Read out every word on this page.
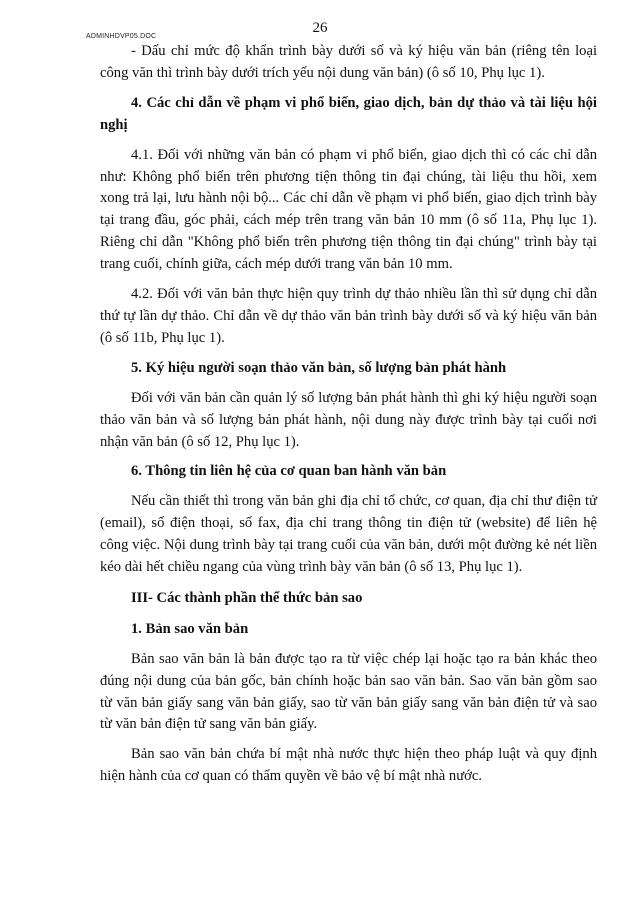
ADMINHDVP05.DOC
26

- Dấu chỉ mức độ khẩn trình bày dưới số và ký hiệu văn bản (riêng tên loại công văn thì trình bày dưới trích yếu nội dung văn bản) (ô số 10, Phụ lục 1).

4. Các chỉ dẫn về phạm vi phổ biến, giao dịch, bản dự thảo và tài liệu hội nghị

4.1. Đối với những văn bản có phạm vi phổ biến, giao dịch thì có các chỉ dẫn như: Không phổ biến trên phương tiện thông tin đại chúng, tài liệu thu hồi, xem xong trả lại, lưu hành nội bộ... Các chỉ dẫn về phạm vi phổ biến, giao dịch trình bày tại trang đầu, góc phải, cách mép trên trang văn bản 10 mm (ô số 11a, Phụ lục 1). Riêng chỉ dẫn "Không phổ biến trên phương tiện thông tin đại chúng" trình bày tại trang cuối, chính giữa, cách mép dưới trang văn bản 10 mm.

4.2. Đối với văn bản thực hiện quy trình dự thảo nhiều lần thì sử dụng chỉ dẫn thứ tự lần dự thảo. Chỉ dẫn về dự thảo văn bản trình bày dưới số và ký hiệu văn bản (ô số 11b, Phụ lục 1).

5. Ký hiệu người soạn thảo văn bản, số lượng bản phát hành

Đối với văn bản cần quản lý số lượng bản phát hành thì ghi ký hiệu người soạn thảo văn bản và số lượng bản phát hành, nội dung này được trình bày tại cuối nơi nhận văn bản (ô số 12, Phụ lục 1).

6. Thông tin liên hệ của cơ quan ban hành văn bản

Nếu cần thiết thì trong văn bản ghi địa chỉ tổ chức, cơ quan, địa chỉ thư điện tử (email), số điện thoại, số fax, địa chỉ trang thông tin điện tử (website) để liên hệ công việc. Nội dung trình bày tại trang cuối của văn bản, dưới một đường kẻ nét liền kéo dài hết chiều ngang của vùng trình bày văn bản (ô số 13, Phụ lục 1).

III- Các thành phần thể thức bản sao
1. Bản sao văn bản

Bản sao văn bản là bản được tạo ra từ việc chép lại hoặc tạo ra bản khác theo đúng nội dung của bản gốc, bản chính hoặc bản sao văn bản. Sao văn bản gồm sao từ văn bản giấy sang văn bản giấy, sao từ văn bản giấy sang văn bản điện tử và sao từ văn bản điện tử sang văn bản giấy.

Bản sao văn bản chứa bí mật nhà nước thực hiện theo pháp luật và quy định hiện hành của cơ quan có thẩm quyền về bảo vệ bí mật nhà nước.
